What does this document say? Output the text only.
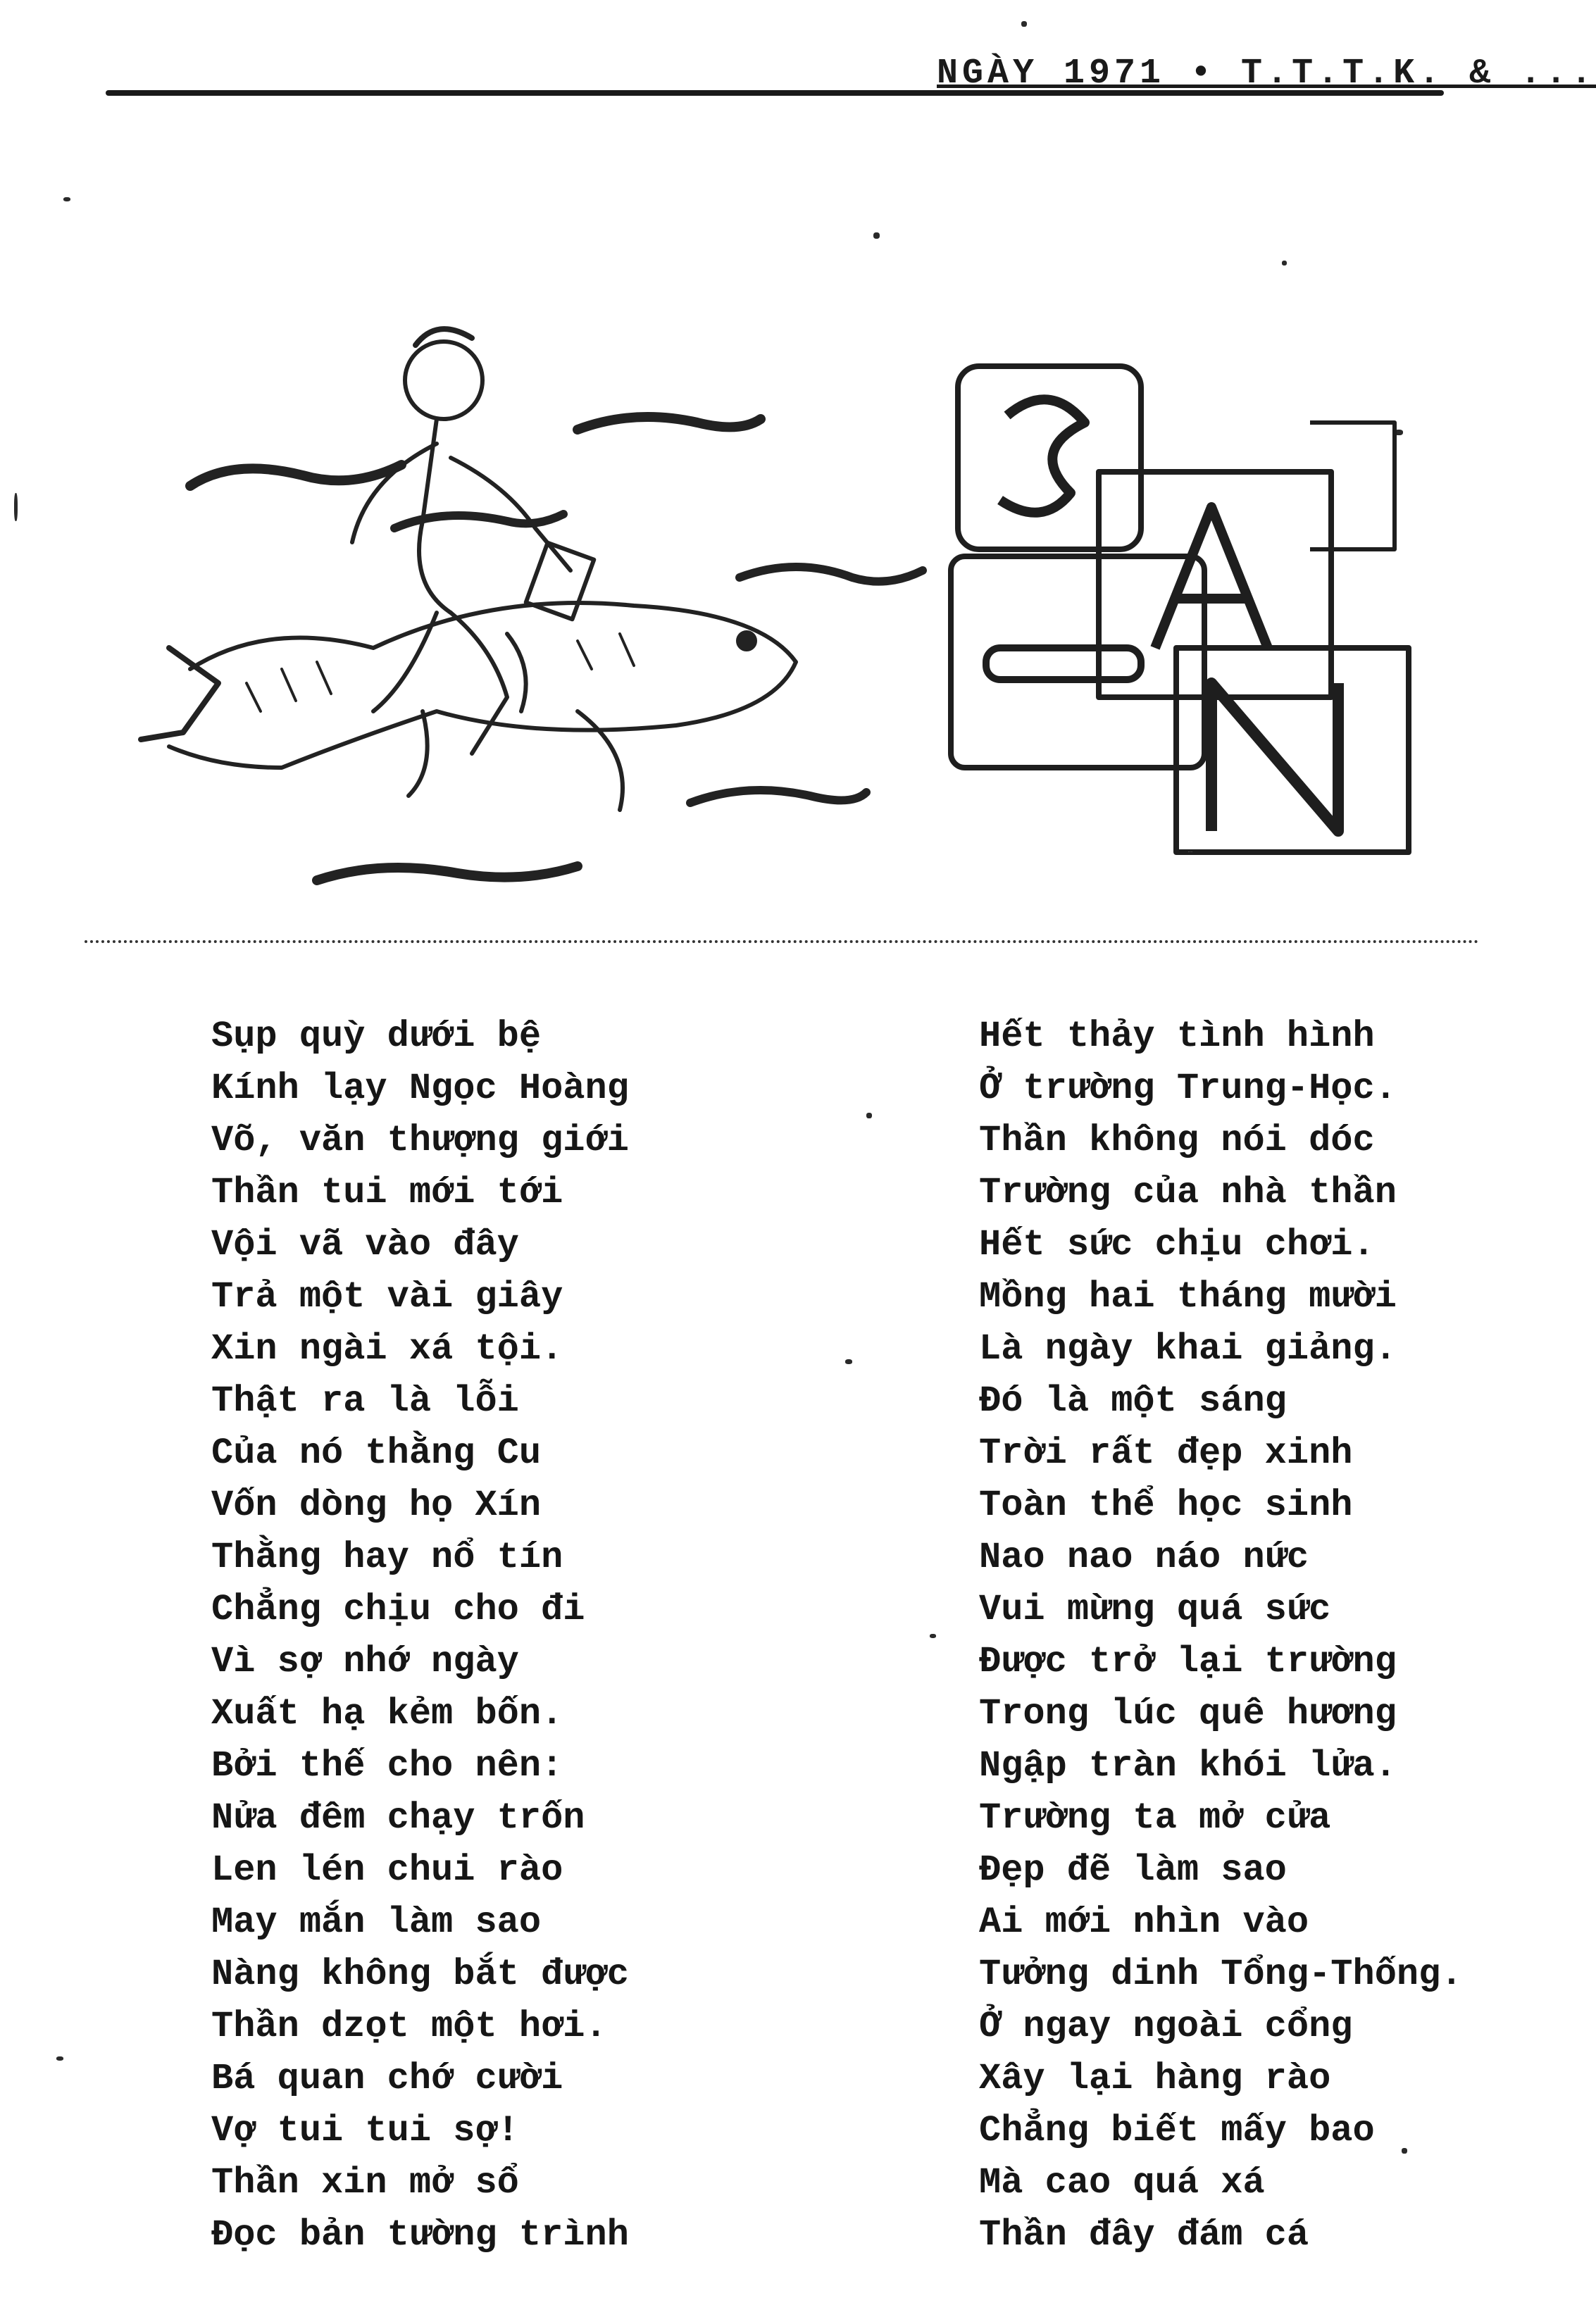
NGÀY 1971 • T.T.T.K. & ...
SỔ TAY HÁN
Sụp quỳ dưới bệ
Kính lạy Ngọc Hoàng
Võ, văn thượng giới
Thần tui mới tới
Vội vã vào đây
Trả một vài giây
Xin ngài xá tội.
Thật ra là lỗi
Của nó thằng Cu
Vốn dòng họ Xín
Thằng hay nổ tín
Chẳng chịu cho đi
Vì sợ nhớ ngày
Xuất hạ kẻm bốn.
Bởi thế cho nên:
Nửa đêm chạy trốn
Len lén chui rào
May mắn làm sao
Nàng không bắt được
Thần dzọt một hơi.
Bá quan chớ cười
Vợ tui tui sợ!
Thần xin mở sổ
Đọc bản tường trình
Hết thảy tình hình
Ở trường Trung-Học.
Thần không nói dóc
Trường của nhà thần
Hết sức chịu chơi.
Mồng hai tháng mười
Là ngày khai giảng.
Đó là một sáng
Trời rất đẹp xinh
Toàn thể học sinh
Nao nao náo nức
Vui mừng quá sức
Được trở lại trường
Trong lúc quê hương
Ngập tràn khói lửa.
Trường ta mở cửa
Đẹp đẽ làm sao
Ai mới nhìn vào
Tưởng dinh Tổng-Thống.
Ở ngay ngoài cổng
Xây lại hàng rào
Chẳng biết mấy bao
Mà cao quá xá
Thần đây đám cá
